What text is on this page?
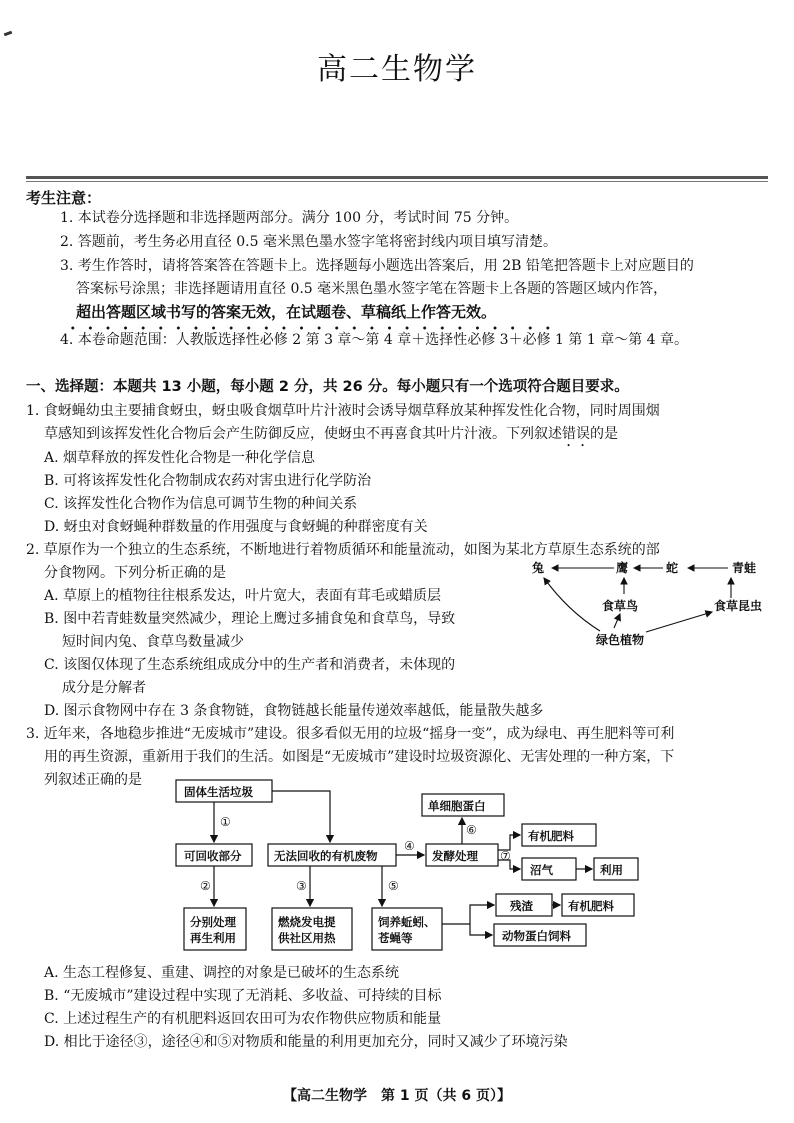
高二生物学
考生注意：
1. 本试卷分选择题和非选择题两部分。满分 100 分，考试时间 75 分钟。
2. 答题前，考生务必用直径 0.5 毫米黑色墨水签字笔将密封线内项目填写清楚。
3. 考生作答时，请将答案答在答题卡上。选择题每小题选出答案后，用 2B 铅笔把答题卡上对应题目的
答案标号涂黑；非选择题请用直径 0.5 毫米黑色墨水签字笔在答题卡上各题的答题区域内作答，
超出答题区域书写的答案无效，在试题卷、草稿纸上作答无效。
4. 本卷命题范围：人教版选择性必修 2 第 3 章～第 4 章＋选择性必修 3＋必修 1 第 1 章～第 4 章。
一、选择题：本题共 13 小题，每小题 2 分，共 26 分。每小题只有一个选项符合题目要求。
1. 食蚜蝇幼虫主要捕食蚜虫，蚜虫吸食烟草叶片汁液时会诱导烟草释放某种挥发性化合物，同时周围烟
草感知到该挥发性化合物后会产生防御反应，使蚜虫不再喜食其叶片汁液。下列叙述错误的是
A. 烟草释放的挥发性化合物是一种化学信息
B. 可将该挥发性化合物制成农药对害虫进行化学防治
C. 该挥发性化合物作为信息可调节生物的种间关系
D. 蚜虫对食蚜蝇种群数量的作用强度与食蚜蝇的种群密度有关
2. 草原作为一个独立的生态系统，不断地进行着物质循环和能量流动，如图为某北方草原生态系统的部
分食物网。下列分析正确的是
A. 草原上的植物往往根系发达，叶片宽大，表面有茸毛或蜡质层
B. 图中若青蛙数量突然减少，理论上鹰过多捕食兔和食草鸟，导致
短时间内兔、食草鸟数量减少
C. 该图仅体现了生态系统组成成分中的生产者和消费者，未体现的
成分是分解者
D. 图示食物网中存在 3 条食物链，食物链越长能量传递效率越低，能量散失越多
兔	鹰	蛇	青蛙
食草鸟	食草昆虫
绿色植物
3. 近年来，各地稳步推进“无废城市”建设。很多看似无用的垃圾“摇身一变”，成为绿电、再生肥料等可利
用的再生资源，重新用于我们的生活。如图是“无废城市”建设时垃圾资源化、无害处理的一种方案，下
列叙述正确的是
固体生活垃圾
可回收部分	无法回收的有机废物	发酵处理
单细胞蛋白
有机肥料
沼气	利用
分别处理
再生利用
燃烧发电提
供社区用热
饲养蚯蚓、
苍蝇等
残渣	有机肥料
动物蛋白饲料
①
②	③	⑤
④
⑥
⑦
A. 生态工程修复、重建、调控的对象是已破坏的生态系统
B. “无废城市”建设过程中实现了无消耗、多收益、可持续的目标
C. 上述过程生产的有机肥料返回农田可为农作物供应物质和能量
D. 相比于途径③，途径④和⑤对物质和能量的利用更加充分，同时又减少了环境污染
【高二生物学　第 1 页（共 6 页）】
